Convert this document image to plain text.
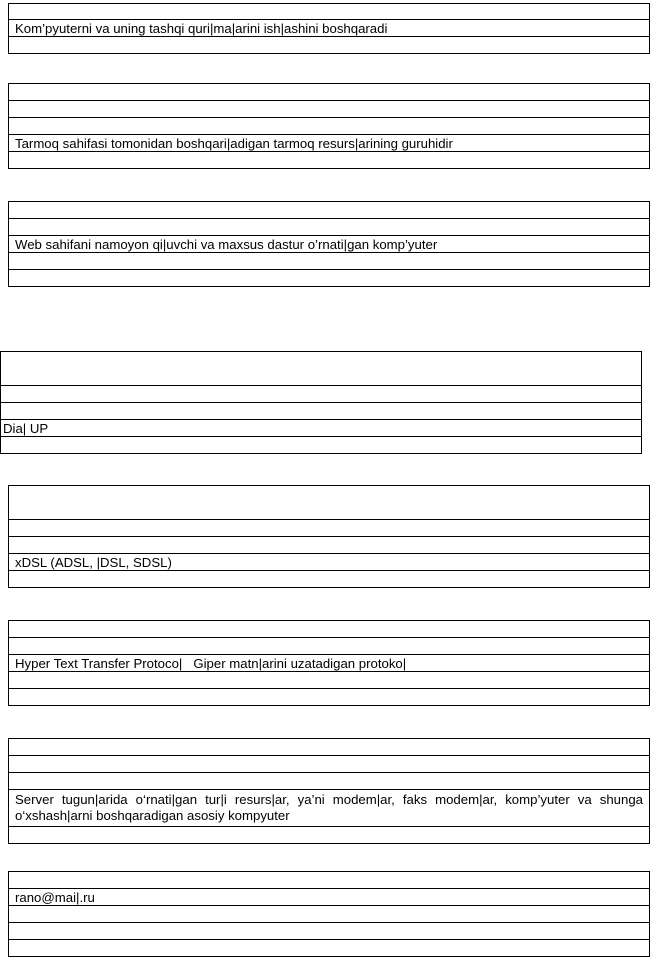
Kom’pyuterni va uning tashqi quri|ma|arini ish|ashini boshqaradi

Tarmoq sahifasi tomonidan boshqari|adigan tarmoq resurs|arining guruhidir

Web sahifani namoyon qi|uvchi va maxsus dastur o’rnati|gan komp’yuter

Dia| UP

xDSL (ADSL, |DSL, SDSL)

Hyper Text Transfer Protoco|   Giper matn|arini uzatadigan protoko|

Server tugun|arida o‘rnati|gan tur|i resurs|ar, ya’ni modem|ar, faks modem|ar, komp’yuter va shunga o‘xshash|arni boshqaradigan asosiy kompyuter

rano@mai|.ru
